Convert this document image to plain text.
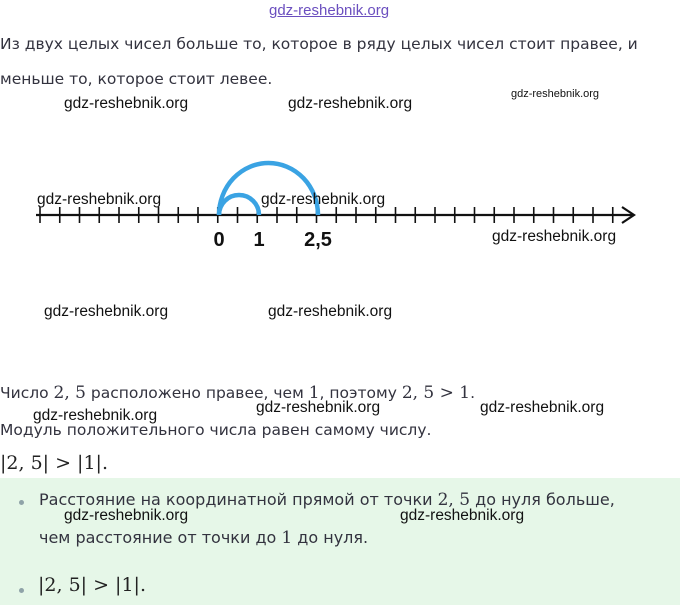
gdz-reshebnik.org
Из двух целых чисел больше то, которое в ряду целых чисел стоит правее, и
меньше то, которое стоит левее.
0 1 2,5
Число 2, 5 расположено правее, чем 1, поэтому 2, 5 > 1.
Модуль положительного числа равен самому числу.
|2, 5| > |1|.
Расстояние на координатной прямой от точки 2, 5 до нуля больше,
чем расстояние от точки до 1 до нуля.
|2, 5| > |1|.
gdz-reshebnik.org	gdz-reshebnik.org
gdz-reshebnik.org
gdz-reshebnik.org	gdz-reshebnik.org
gdz-reshebnik.org
gdz-reshebnik.org	gdz-reshebnik.org
gdz-reshebnik.org	gdz-reshebnik.org	gdz-reshebnik.org
gdz-reshebnik.org	gdz-reshebnik.org
